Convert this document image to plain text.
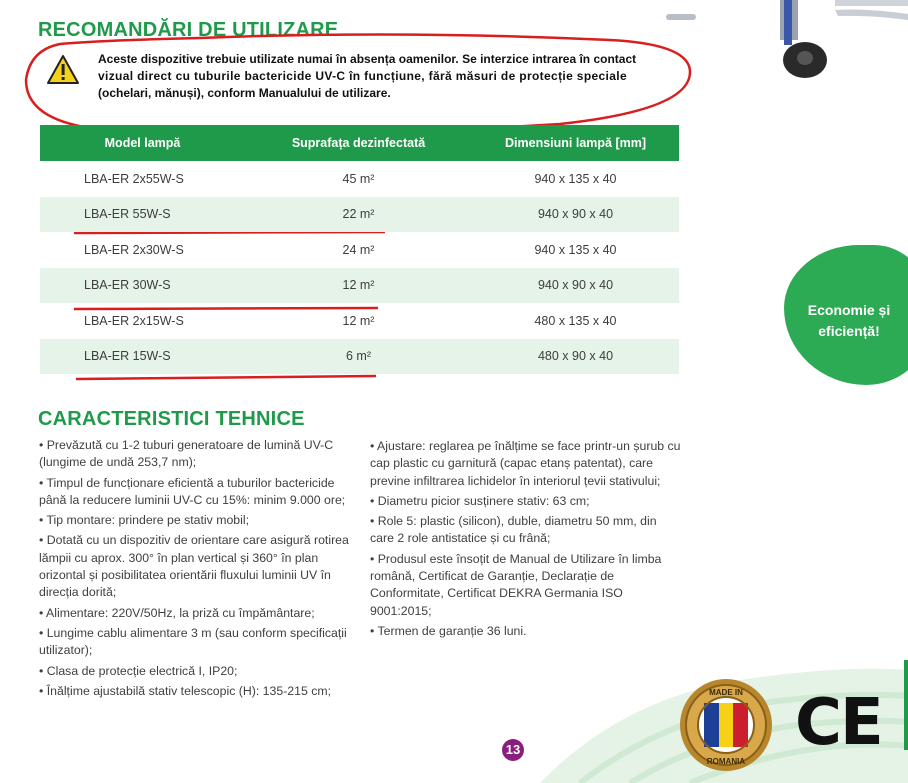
RECOMANDĂRI DE UTILIZARE
Aceste dispozitive trebuie utilizate numai în absența oamenilor. Se interzice intrarea în contact
vizual direct cu tuburile bactericide UV-C în funcțiune, fără măsuri de protecție speciale
(ochelari, mănuși), conform Manualului de utilizare.
Model lampă	Suprafața dezinfectată	Dimensiuni lampă [mm]
LBA-ER 2x55W-S	45 m²	940 x 135 x 40
LBA-ER 55W-S	22 m²	940 x 90 x 40
LBA-ER 2x30W-S	24 m²	940 x 135 x 40
LBA-ER 30W-S	12 m²	940 x 90 x 40
LBA-ER 2x15W-S	12 m²	480 x 135 x 40
LBA-ER 15W-S	6 m²	480 x 90 x 40
Economie și
eficiență!
CARACTERISTICI TEHNICE

• Prevăzută cu 1-2 tuburi generatoare de lumină UV-C (lungime de undă 253,7 nm);

• Timpul de funcționare eficientă a tuburilor bactericide până la reducere luminii UV-C cu 15%: minim 9.000 ore;

• Tip montare: prindere pe stativ mobil;

• Dotată cu un dispozitiv de orientare care asigură rotirea lămpii cu aprox. 300° în plan vertical și 360° în plan orizontal și posibilitatea orientării fluxului luminii UV în direcția dorită;

• Alimentare: 220V/50Hz, la priză cu împământare;

• Lungime cablu alimentare 3 m (sau conform specificații utilizator);

• Clasa de protecție electrică I, IP20;

• Înălțime ajustabilă stativ telescopic (H): 135-215 cm;

• Ajustare: reglarea pe înălțime se face printr-un șurub cu cap plastic cu garnitură (capac etanș patentat), care previne infiltrarea lichidelor în interiorul țevii stativului;

• Diametru picior susținere stativ: 63 cm;

• Role 5: plastic (silicon), duble, diametru 50 mm, din care 2 role antistatice și cu frână;

• Produsul este însoțit de Manual de Utilizare în limba română, Certificat de Garanție, Declarație de Conformitate, Certificat DEKRA Germania ISO 9001:2015;

• Termen de garanție 36 luni.

MADE IN
ROMANIA
CE
13
